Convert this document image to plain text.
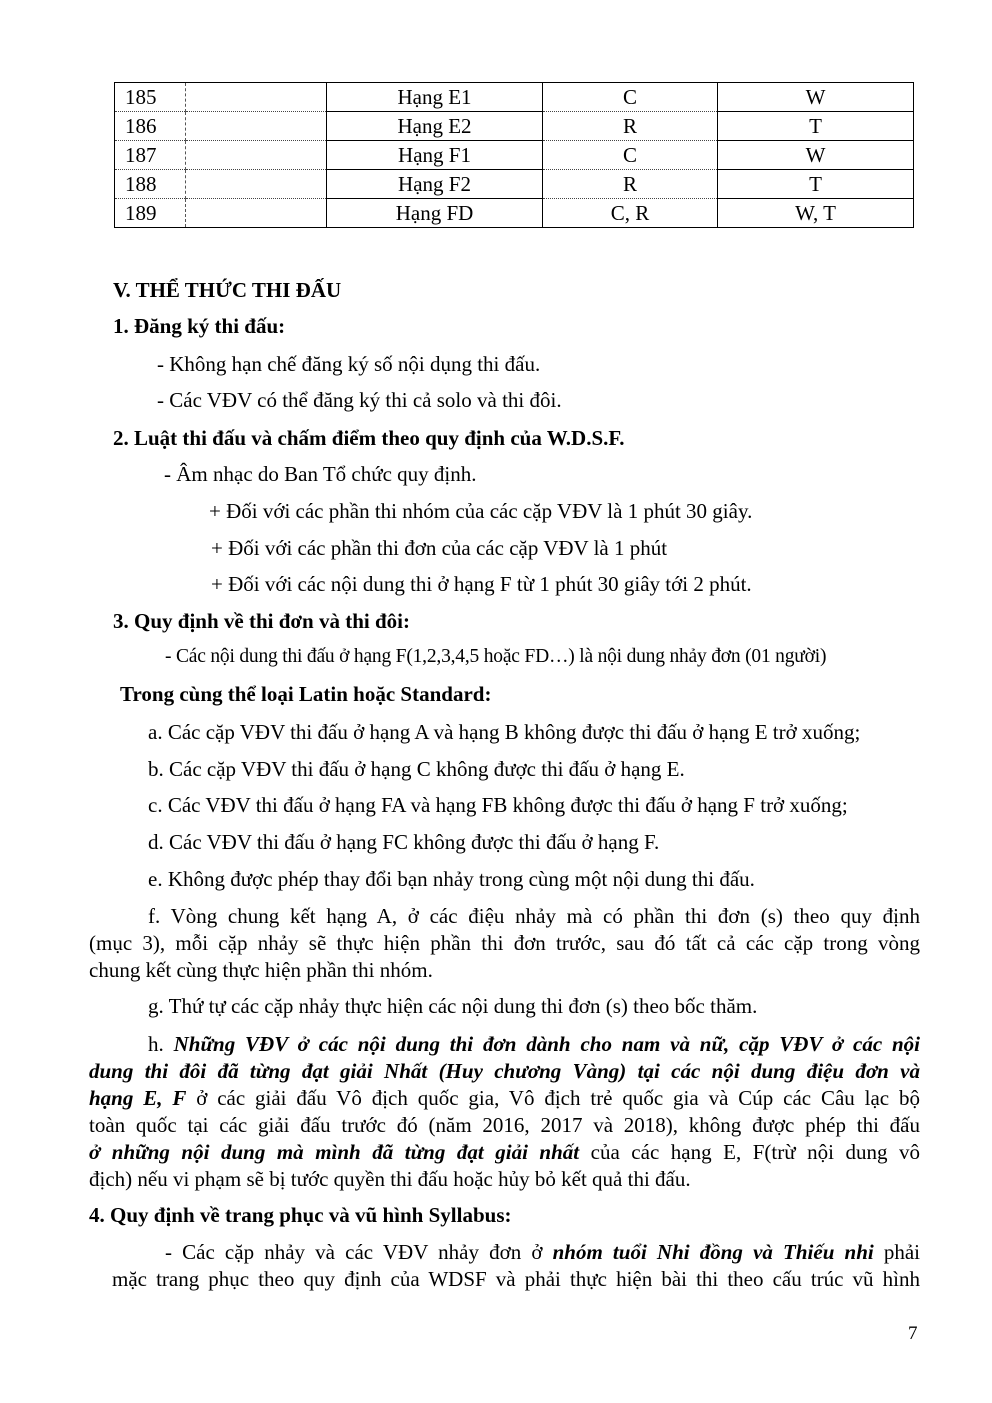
185		Hạng E1	C	W
186		Hạng E2	R	T
187		Hạng F1	C	W
188		Hạng F2	R	T
189		Hạng FD	C, R	W, T
V. THỂ THỨC THI ĐẤU
1. Đăng ký thi đấu:
- Không hạn chế đăng ký số nội dụng thi đấu.
- Các VĐV có thể đăng ký thi cả solo và thi đôi.
2. Luật thi đấu và chấm điểm theo quy định của W.D.S.F.
- Âm nhạc do Ban Tổ chức quy định.
+ Đối với các phần thi nhóm của các cặp VĐV là 1 phút 30 giây.
+ Đối với các phần thi đơn của các cặp VĐV là 1 phút
+ Đối với các nội dung thi ở hạng F từ 1 phút 30 giây tới 2 phút.
3. Quy định về thi đơn và thi đôi:
- Các nội dung thi đấu ở hạng F(1,2,3,4,5 hoặc FD…) là nội dung nhảy đơn (01 người)
Trong cùng thể loại Latin hoặc Standard:
a. Các cặp VĐV thi đấu ở hạng A và hạng B không được thi đấu ở hạng E trở xuống;
b. Các cặp VĐV thi đấu ở hạng C không được thi đấu ở hạng E.
c. Các VĐV thi đấu ở hạng FA và hạng FB không được thi đấu ở hạng F trở xuống;
d. Các VĐV thi đấu ở hạng FC không được thi đấu ở hạng F.
e. Không được phép thay đổi bạn nhảy trong cùng một nội dung thi đấu.
f. Vòng chung kết hạng A, ở các điệu nhảy mà có phần thi đơn (s) theo quy định
(mục 3), mỗi cặp nhảy sẽ thực hiện phần thi đơn trước, sau đó tất cả các cặp trong vòng
chung kết cùng thực hiện phần thi nhóm.
g. Thứ tự các cặp nhảy thực hiện các nội dung thi đơn (s) theo bốc thăm.
h. Những VĐV ở các nội dung thi đơn dành cho nam và nữ, cặp VĐV ở các nội
dung thi đôi đã từng đạt giải Nhất (Huy chương Vàng) tại các nội dung điệu đơn và
hạng E, F ở các giải đấu Vô địch quốc gia, Vô địch trẻ quốc gia và Cúp các Câu lạc bộ
toàn quốc tại các giải đấu trước đó (năm 2016, 2017 và 2018), không được phép thi đấu
ở những nội dung mà mình đã từng đạt giải nhất của các hạng E, F(trừ nội dung vô
địch) nếu vi phạm sẽ bị tước quyền thi đấu hoặc hủy bỏ kết quả thi đấu.
4. Quy định về trang phục và vũ hình Syllabus:
- Các cặp nhảy và các VĐV nhảy đơn ở nhóm tuổi Nhi đồng và Thiếu nhi phải
mặc trang phục theo quy định của WDSF và phải thực hiện bài thi theo cấu trúc vũ hình
7
